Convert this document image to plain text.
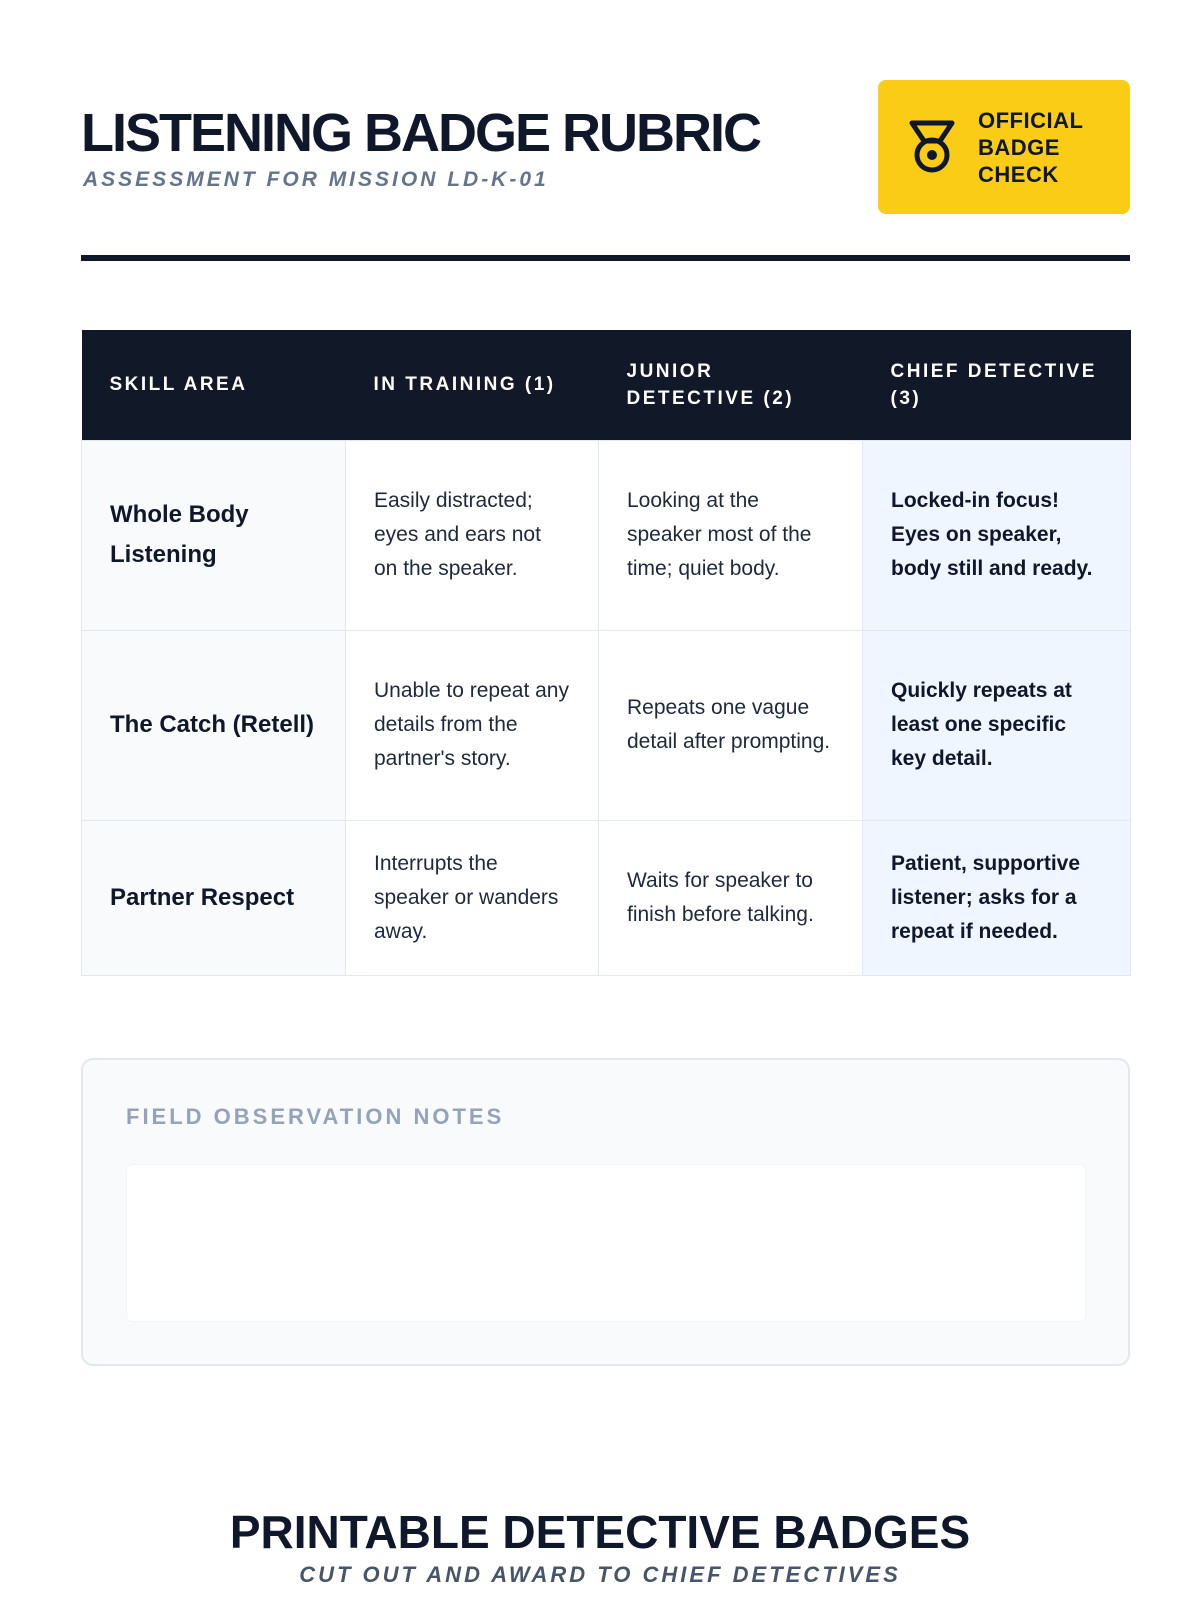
LISTENING BADGE RUBRIC
ASSESSMENT FOR MISSION LD-K-01
OFFICIAL
BADGE
CHECK
SKILL AREA	IN TRAINING (1)	JUNIOR DETECTIVE (2)	CHIEF DETECTIVE (3)
Whole Body Listening	Easily distracted; eyes and ears not on the speaker.	Looking at the speaker most of the time; quiet body.	Locked-in focus! Eyes on speaker, body still and ready.
The Catch (Retell)	Unable to repeat any details from the partner's story.	Repeats one vague detail after prompting.	Quickly repeats at least one specific key detail.
Partner Respect	Interrupts the speaker or wanders away.	Waits for speaker to finish before talking.	Patient, supportive listener; asks for a repeat if needed.
FIELD OBSERVATION NOTES
PRINTABLE DETECTIVE BADGES
CUT OUT AND AWARD TO CHIEF DETECTIVES
